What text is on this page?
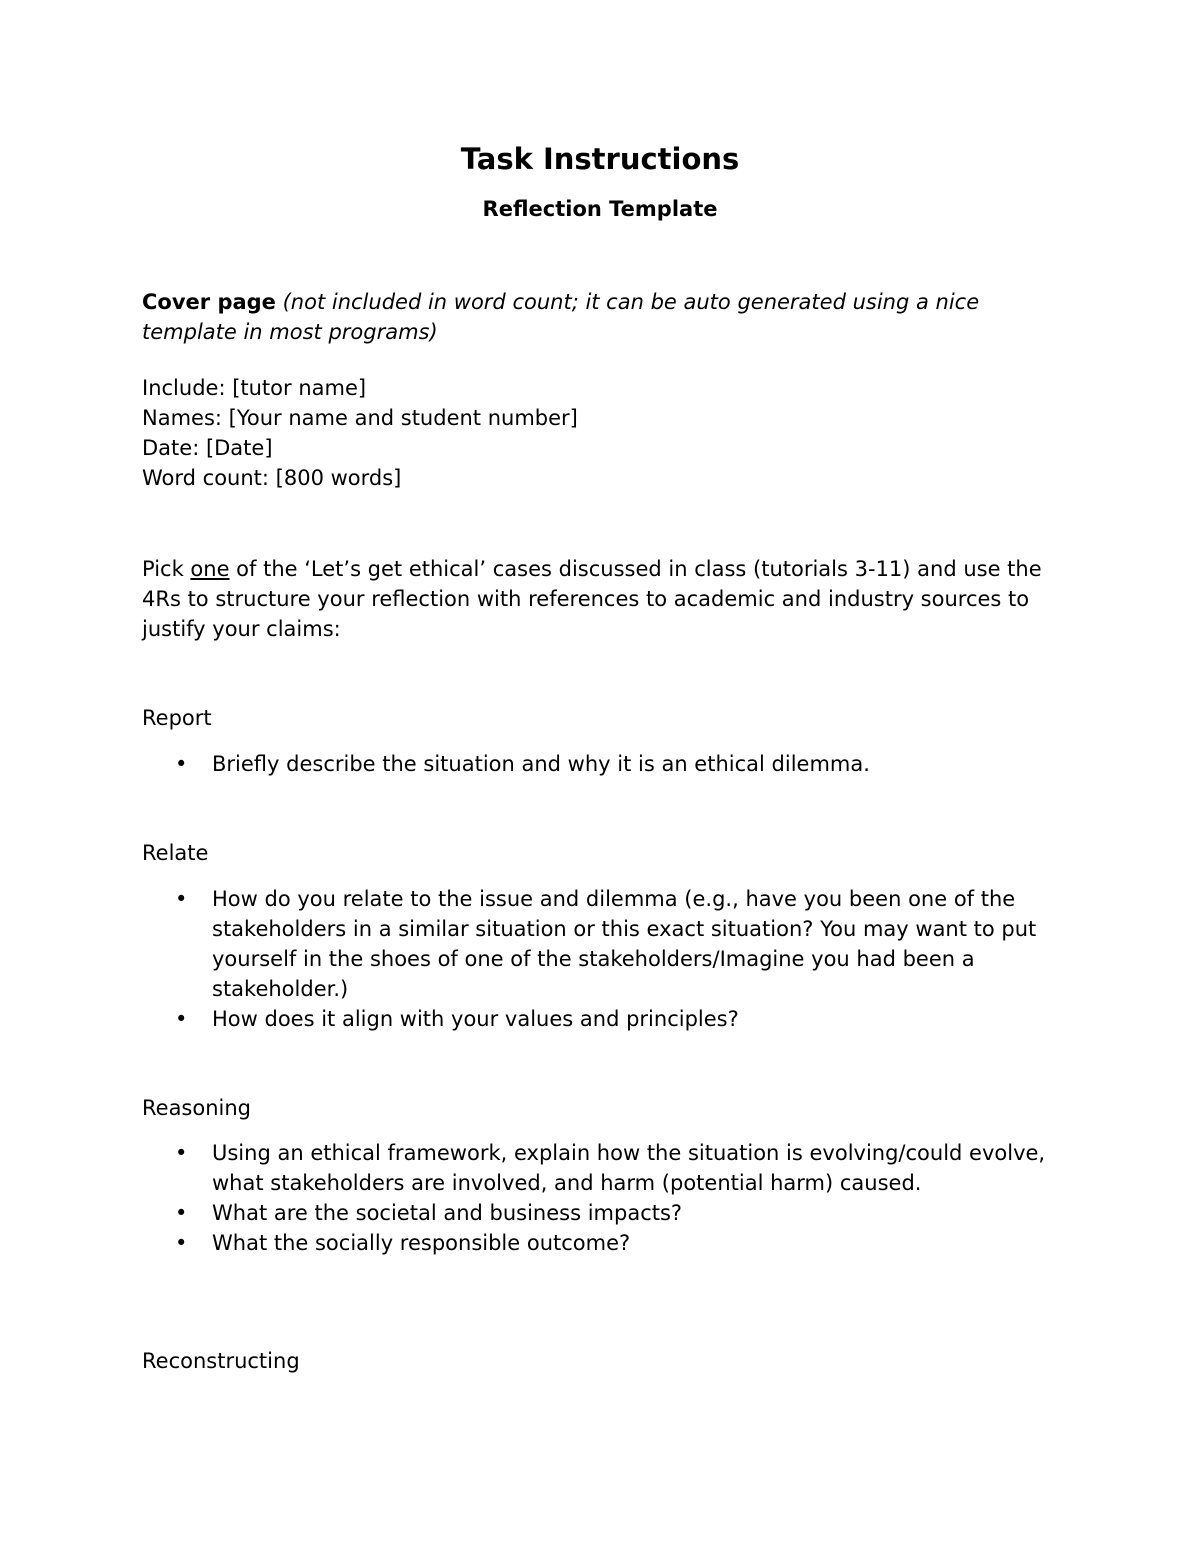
Task Instructions
Reflection Template

Cover page (not included in word count; it can be auto generated using a nice template in most programs)

Include: [tutor name]
Names: [Your name and student number]
Date: [Date]
Word count: [800 words]

Pick one of the ‘Let’s get ethical’ cases discussed in class (tutorials 3-11) and use the 4Rs to structure your reflection with references to academic and industry sources to justify your claims:

Report

•	Briefly describe the situation and why it is an ethical dilemma.

Relate

•	How do you relate to the issue and dilemma (e.g., have you been one of the stakeholders in a similar situation or this exact situation? You may want to put yourself in the shoes of one of the stakeholders/Imagine you had been a stakeholder.)
•	How does it align with your values and principles?

Reasoning

•	Using an ethical framework, explain how the situation is evolving/could evolve, what stakeholders are involved, and harm (potential harm) caused.
•	What are the societal and business impacts?
•	What the socially responsible outcome?

Reconstructing
